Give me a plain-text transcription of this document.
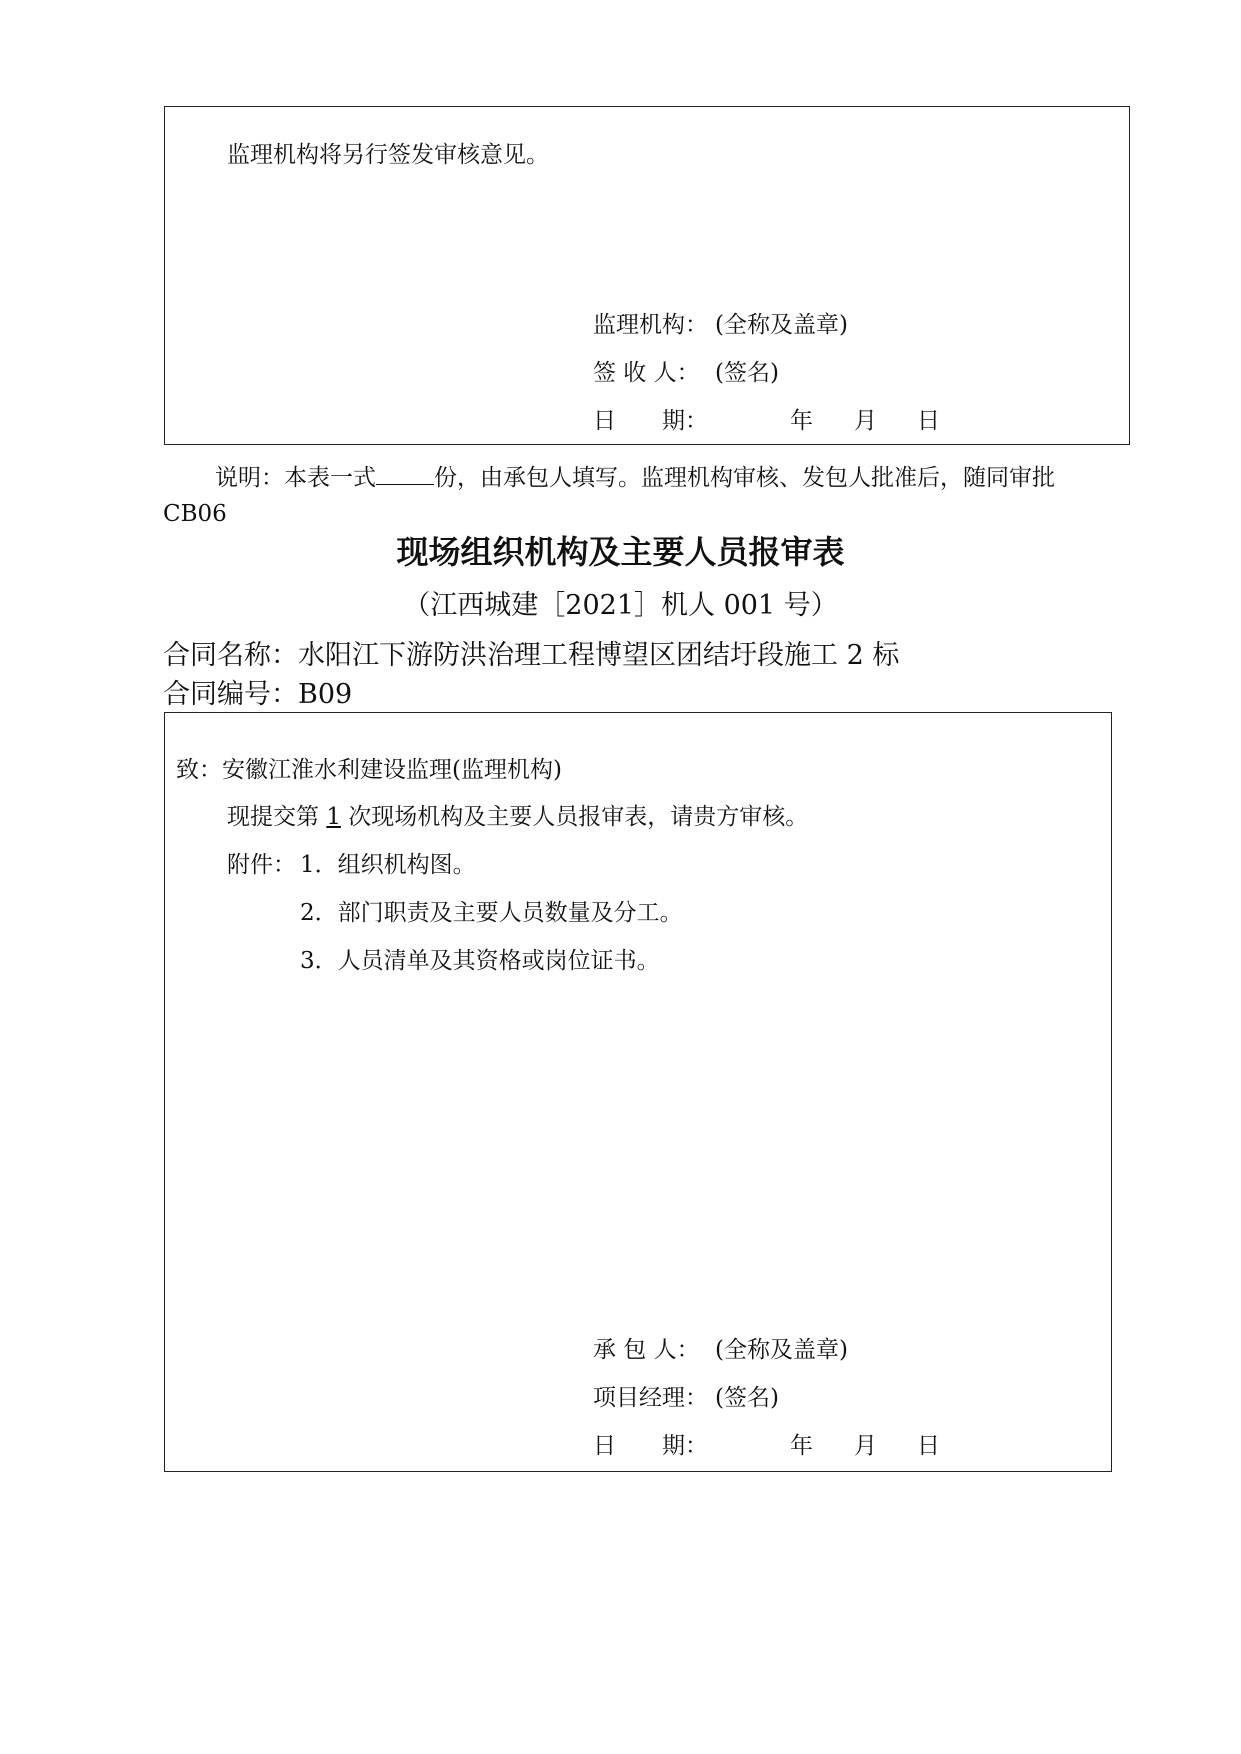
监理机构将另行签发审核意见。
监理机构： (全称及盖章)
签 收 人： (签名)
日　　期：	年 月 日
说明：本表一式	份，由承包人填写。监理机构审核、发包人批准后，随同审批
CB06
现场组织机构及主要人员报审表
（江西城建［2021］机人 001 号）
合同名称：水阳江下游防洪治理工程博望区团结圩段施工 2 标
合同编号：B09
致：安徽江淮水利建设监理(监理机构)
现提交第 1 次现场机构及主要人员报审表，请贵方审核。
附件： 1．组织机构图。
2．部门职责及主要人员数量及分工。
3．人员清单及其资格或岗位证书。
承 包 人： (全称及盖章)
项目经理： (签名)
日　　期：	年 月 日
